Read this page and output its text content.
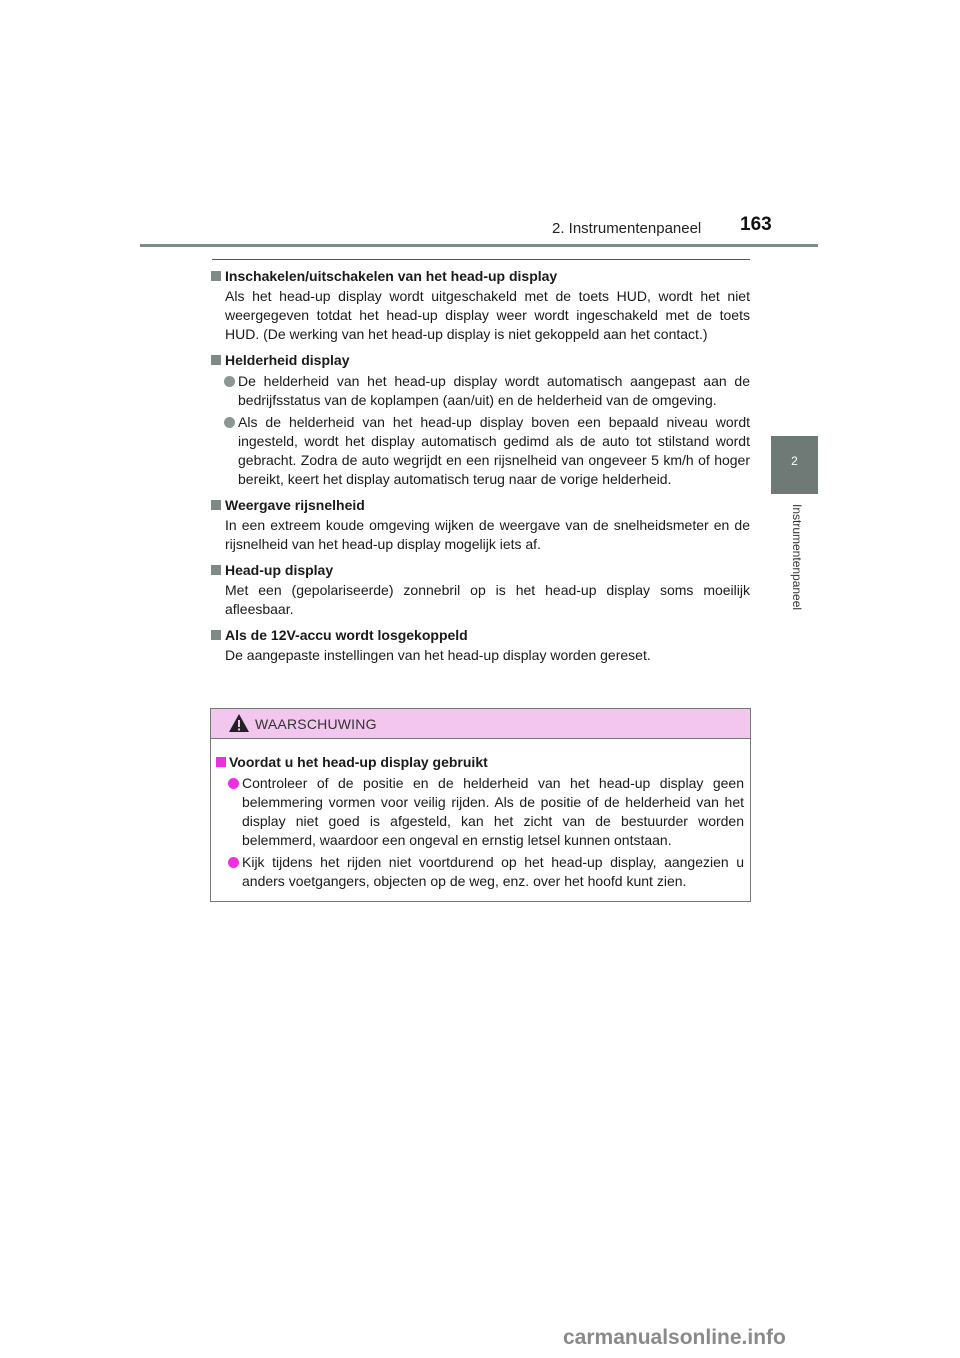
2. Instrumentenpaneel 163
2
Instrumentenpaneel
Inschakelen/uitschakelen van het head-up display
Als het head-up display wordt uitgeschakeld met de toets HUD, wordt het niet weergegeven totdat het head-up display weer wordt ingeschakeld met de toets HUD. (De werking van het head-up display is niet gekoppeld aan het contact.)
Helderheid display
De helderheid van het head-up display wordt automatisch aangepast aan de bedrijfsstatus van de koplampen (aan/uit) en de helderheid van de omgeving.
Als de helderheid van het head-up display boven een bepaald niveau wordt ingesteld, wordt het display automatisch gedimd als de auto tot stilstand wordt gebracht. Zodra de auto wegrijdt en een rijsnelheid van ongeveer 5 km/h of hoger bereikt, keert het display automatisch terug naar de vorige helderheid.
Weergave rijsnelheid
In een extreem koude omgeving wijken de weergave van de snelheidsmeter en de rijsnelheid van het head-up display mogelijk iets af.
Head-up display
Met een (gepolariseerde) zonnebril op is het head-up display soms moeilijk afleesbaar.
Als de 12V-accu wordt losgekoppeld
De aangepaste instellingen van het head-up display worden gereset.
WAARSCHUWING
Voordat u het head-up display gebruikt
Controleer of de positie en de helderheid van het head-up display geen belemmering vormen voor veilig rijden. Als de positie of de helderheid van het display niet goed is afgesteld, kan het zicht van de bestuurder worden belemmerd, waardoor een ongeval en ernstig letsel kunnen ontstaan.
Kijk tijdens het rijden niet voortdurend op het head-up display, aangezien u anders voetgangers, objecten op de weg, enz. over het hoofd kunt zien.
carmanualsonline.info
